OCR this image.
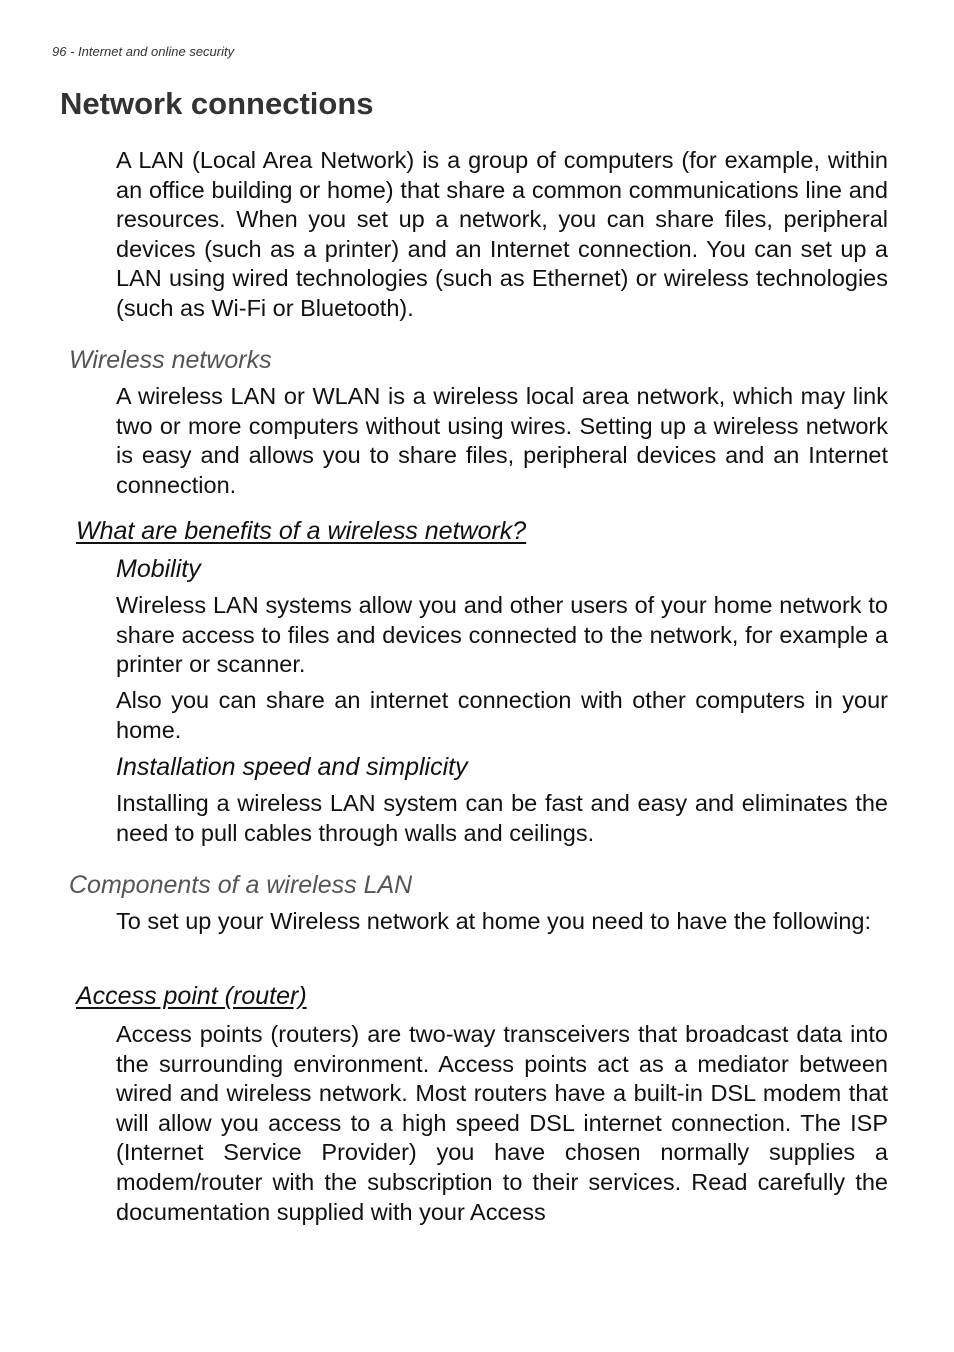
96 - Internet and online security

Network connections

A LAN (Local Area Network) is a group of computers (for example, within an office building or home) that share a common communications line and resources. When you set up a network, you can share files, peripheral devices (such as a printer) and an Internet connection. You can set up a LAN using wired technologies (such as Ethernet) or wireless technologies (such as Wi-Fi or Bluetooth).

Wireless networks

A wireless LAN or WLAN is a wireless local area network, which may link two or more computers without using wires. Setting up a wireless network is easy and allows you to share files, peripheral devices and an Internet connection.

What are benefits of a wireless network?
Mobility

Wireless LAN systems allow you and other users of your home network to share access to files and devices connected to the network, for example a printer or scanner.

Also you can share an internet connection with other computers in your home.

Installation speed and simplicity

Installing a wireless LAN system can be fast and easy and eliminates the need to pull cables through walls and ceilings.

Components of a wireless LAN

To set up your Wireless network at home you need to have the following:

Access point (router)

Access points (routers) are two-way transceivers that broadcast data into the surrounding environment. Access points act as a mediator between wired and wireless network. Most routers have a built-in DSL modem that will allow you access to a high speed DSL internet connection. The ISP (Internet Service Provider) you have chosen normally supplies a modem/router with the subscription to their services. Read carefully the documentation supplied with your Access
